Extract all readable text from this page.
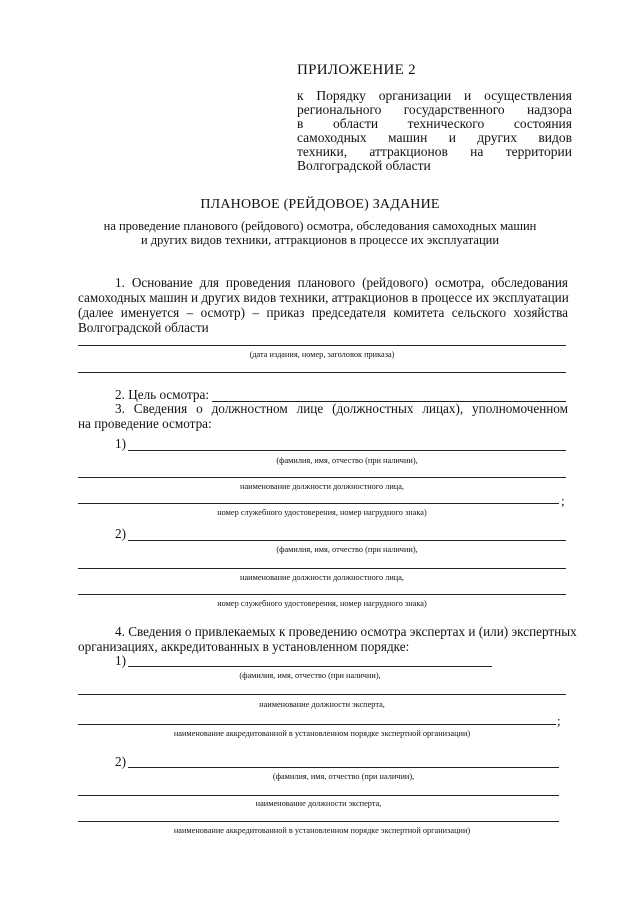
ПРИЛОЖЕНИЕ 2
к Порядку организации и осуществления
регионального государственного надзора
в области технического состояния
самоходных машин и других видов
техники, аттракционов на территории
Волгоградской области
ПЛАНОВОЕ (РЕЙДОВОЕ) ЗАДАНИЕ
на проведение планового (рейдового) осмотра, обследования самоходных машин
и других видов техники, аттракционов в процессе их эксплуатации
1. Основание для проведения планового (рейдового) осмотра, обследования
самоходных машин и других видов техники, аттракционов в процессе их эксплуатации
(далее именуется – осмотр) – приказ председателя комитета сельского хозяйства
Волгоградской области
(дата издания, номер, заголовок приказа)
2. Цель осмотра:
3. Сведения о должностном лице (должностных лицах), уполномоченном
на проведение осмотра:
1)
(фамилия, имя, отчество (при наличии),
наименование должности должностного лица,
;
номер служебного удостоверения, номер нагрудного знака)
2)
(фамилия, имя, отчество (при наличии),
наименование должности должностного лица,
номер служебного удостоверения, номер нагрудного знака)
4. Сведения о привлекаемых к проведению осмотра экспертах и (или) экспертных
организациях, аккредитованных в установленном порядке:
1)
(фамилия, имя, отчество (при наличии),
наименование должности эксперта,
;
наименование аккредитованной в установленном порядке экспертной организации)
2)
(фамилия, имя, отчество (при наличии),
наименование должности эксперта,
наименование аккредитованной в установленном порядке экспертной организации)
